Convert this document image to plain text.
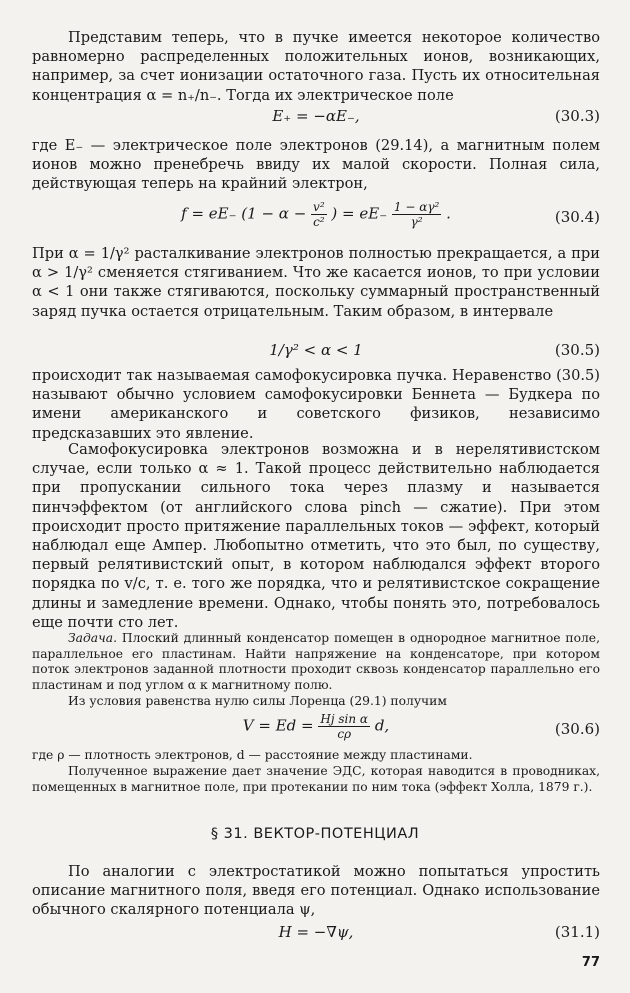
Представим теперь, что в пучке имеется некоторое количество равномерно распределенных положительных ионов, возникающих, например, за счет ионизации остаточного газа. Пусть их относительная концентрация α = n₊/n₋. Тогда их электрическое поле

E₊ = −αE₋,	(30.3)

где E₋ — электрическое поле электронов (29.14), а магнитным полем ионов можно пренебречь ввиду их малой скорости. Полная сила, действующая теперь на крайний электрон,

f = eE₋ ($1 - \alpha - \frac{\text{v²}}{\text{c²}}$ ) = $eE_- \frac{\text{1 − αγ²}}{\text{γ²}}$ .	(30.4)

При α = 1/γ² расталкивание электронов полностью прекращается, а при α > 1/γ² сменяется стягиванием. Что же касается ионов, то при условии α < 1 они также стягиваются, поскольку суммарный пространственный заряд пучка остается отрицательным. Таким образом, в интервале

1/γ² < α < 1	(30.5)

происходит так называемая самофокусировка пучка. Неравенство (30.5) называют обычно условием самофокусировки Беннета — Будкера по имени американского и советского физиков, независимо предсказавших это явление.

Самофокусировка электронов возможна и в нерелятивистском случае, если только α ≈ 1. Такой процесс действительно наблюдается при пропускании сильного тока через плазму и называется пинчэффектом (от английского слова pinch — сжатие). При этом происходит просто притяжение параллельных токов — эффект, который наблюдал еще Ампер. Любопытно отметить, что это был, по существу, первый релятивистский опыт, в котором наблюдался эффект второго порядка по v/c, т. е. того же порядка, что и релятивистское сокращение длины и замедление времени. Однако, чтобы понять это, потребовалось еще почти сто лет.

Задача. Плоский длинный конденсатор помещен в однородное магнитное поле, параллельное его пластинам. Найти напряжение на конденсаторе, при котором поток электронов заданной плотности проходит сквозь конденсатор параллельно его пластинам и под углом α к магнитному полю.

Из условия равенства нулю силы Лоренца (29.1) получим

$V = Ed = \frac{\text{Hj sin α}}{c\rho} d$,	(30.6)

где ρ — плотность электронов, d — расстояние между пластинами.

Полученное выражение дает значение ЭДС, которая наводится в проводниках, помещенных в магнитное поле, при протекании по ним тока (эффект Холла, 1879 г.).

§ 31. ВЕКТОР-ПОТЕНЦИАЛ

По аналогии с электростатикой можно попытаться упростить описание магнитного поля, введя его потенциал. Однако использование обычного скалярного потенциала ψ,

H = −∇ψ,	(31.1)
77
